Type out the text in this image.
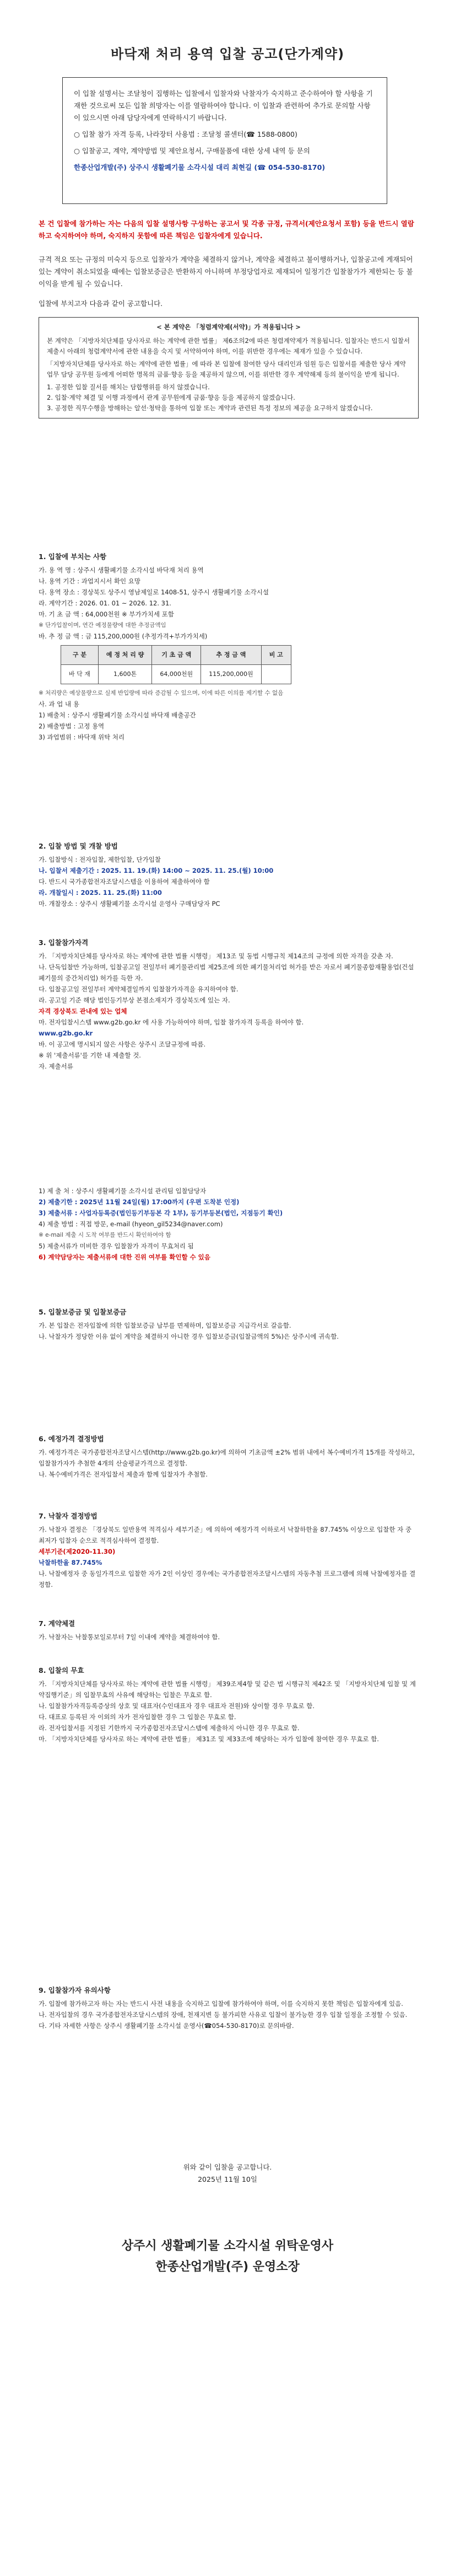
바닥재 처리 용역 입찰 공고(단가계약)

이 입찰 설명서는 조달청이 집행하는 입찰에서 입찰자와 낙찰자가 숙지하고 준수하여야 할 사항을 기재한 것으로써 모든 입찰 희망자는 이를 열람하여야 합니다. 이 입찰과 관련하여 추가로 문의할 사항이 있으시면 아래 담당자에게 연락하시기 바랍니다.

○ 입찰 참가 자격 등록, 나라장터 사용법 : 조달청 콜센터(☎ 1588-0800)

○ 입찰공고, 계약, 계약방법 및 제안요청서, 구매물품에 대한 상세 내역 등 문의

한종산업개발(주) 상주시 생활폐기물 소각시설 대리 최현길 (☎ 054-530-8170)

본 건 입찰에 참가하는 자는 다음의 입찰 설명사항 구성하는 공고서 및 각종 규정, 규격서(제안요청서 포함) 등을 반드시 열람하고 숙지하여야 하며, 숙지하지 못함에 따른 책임은 입찰자에게 있습니다.

규격 적요 또는 규정의 미숙지 등으로 입찰자가 계약을 체결하지 않거나, 계약을 체결하고 불이행하거나, 입찰공고에 게재되어 있는 계약이 취소되었을 때에는 입찰보증금은 반환하지 아니하며 부정당업자로 제재되어 일정기간 입찰참가가 제한되는 등 불이익을 받게 될 수 있습니다.

입찰에 부치고자 다음과 같이 공고합니다.

< 본 계약은 「청렴계약제(서약)」가 적용됩니다 >
본 계약은 「지방자치단체를 당사자로 하는 계약에 관한 법률」 제6조의2에 따른 청렴계약제가 적용됩니다. 입찰자는 반드시 입찰서 제출시 아래의 청렴계약서에 관한 내용을 숙지 및 서약하여야 하며, 이를 위반한 경우에는 제재가 있을 수 있습니다.
「지방자치단체를 당사자로 하는 계약에 관한 법률」에 따라 본 입찰에 참여한 당사 대리인과 임원 등은 입찰서를 제출한 당사 계약업무 담당 공무원 등에게 어떠한 명목의 금품·향응 등을 제공하지 않으며, 이를 위반한 경우 계약해제 등의 불이익을 받게 됩니다.
1. 공정한 입찰 질서를 해치는 담합행위를 하지 않겠습니다.
2. 입찰·계약 체결 및 이행 과정에서 관계 공무원에게 금품·향응 등을 제공하지 않겠습니다.
3. 공정한 직무수행을 방해하는 알선·청탁을 통하여 입찰 또는 계약과 관련된 특정 정보의 제공을 요구하지 않겠습니다.

1. 입찰에 부치는 사항

가. 용 역 명 : 상주시 생활폐기물 소각시설 바닥재 처리 용역

나. 용역 기간 : 과업지시서 확인 요망

다. 용역 장소 : 경상북도 상주시 영남제일로 1408-51, 상주시 생활폐기물 소각시설

라. 계약기간 : 2026. 01. 01 ~ 2026. 12. 31.

마. 기 초 금 액 : 64,000천원 ※ 부가가치세 포함

※ 단가입찰이며, 연간 예정물량에 대한 추정금액임

바. 추 정 금 액 : 금 115,200,000원 (추정가격+부가가치세)

구 분	예 정 처 리 량	기 초 금 액	추 정 금 액	비 고
바 닥 재	1,600톤	64,000천원	115,200,000원	

※ 처리량은 예상물량으로 실제 반입량에 따라 증감될 수 있으며, 이에 따른 이의를 제기할 수 없음

사. 과 업 내 용

1) 배출처 : 상주시 생활폐기물 소각시설 바닥재 배출공간

2) 배출방법 : 고정 용역

3) 과업범위 : 바닥재 위탁 처리

2. 입찰 방법 및 개찰 방법

가. 입찰방식 : 전자입찰, 제한입찰, 단가입찰

나. 입찰서 제출기간 : 2025. 11. 19.(화) 14:00 ~ 2025. 11. 25.(월) 10:00

다. 반드시 국가종합전자조달시스템을 이용하여 제출하여야 함

라. 개찰일시 : 2025. 11. 25.(화) 11:00

마. 개찰장소 : 상주시 생활폐기물 소각시설 운영사 구매담당자 PC

3. 입찰참가자격

가. 「지방자치단체를 당사자로 하는 계약에 관한 법률 시행령」 제13조 및 동법 시행규칙 제14조의 규정에 의한 자격을 갖춘 자.

나. 단독입찰만 가능하며, 입찰공고일 전일부터 폐기물관리법 제25조에 의한 폐기물처리업 허가를 받은 자로서 폐기물종합재활용업(건설폐기물의 중간처리업) 허가를 득한 자.

다. 입찰공고일 전일부터 계약체결일까지 입찰참가자격을 유지하여야 함.

라. 공고일 기준 해당 법인등기부상 본점소재지가 경상북도에 있는 자.

자격 경상북도 관내에 있는 업체

마. 전자입찰시스템 www.g2b.go.kr 에 사용 가능하여야 하며, 입찰 참가자격 등록을 하여야 함.

www.g2b.go.kr

바. 이 공고에 명시되지 않은 사항은 상주시 조달규정에 따름.

※ 위 '제출서류'를 기한 내 제출할 것.

자. 제출서류

1) 제 출 처 : 상주시 생활폐기물 소각시설 관리팀 입찰담당자

2) 제출기한 : 2025년 11월 24일(월) 17:00까지 (우편 도착분 인정)

3) 제출서류 : 사업자등록증(법인등기부등본 각 1부), 등기부등본(법인, 지점등기 확인)

4) 제출 방법 : 직접 방문, e-mail (hyeon_gil5234@naver.com)

※ e-mail 제출 시 도착 여부를 반드시 확인하여야 함

5) 제출서류가 미비한 경우 입찰참가 자격이 무효처리 됨

6) 계약담당자는 제출서류에 대한 진위 여부를 확인할 수 있음

5. 입찰보증금 및 입찰보증금

가. 본 입찰은 전자입찰에 의한 입찰보증금 납부를 면제하며, 입찰보증금 지급각서로 갈음함.

나. 낙찰자가 정당한 이유 없이 계약을 체결하지 아니한 경우 입찰보증금(입찰금액의 5%)은 상주시에 귀속함.

6. 예정가격 결정방법

가. 예정가격은 국가종합전자조달시스템(http://www.g2b.go.kr)에 의하여 기초금액 ±2% 범위 내에서 복수예비가격 15개를 작성하고, 입찰참가자가 추첨한 4개의 산술평균가격으로 결정함.

나. 복수예비가격은 전자입찰서 제출과 함께 입찰자가 추첨함.

7. 낙찰자 결정방법

가. 낙찰자 결정은 「경상북도 일반용역 적격심사 세부기준」에 의하여 예정가격 이하로서 낙찰하한율 87.745% 이상으로 입찰한 자 중 최저가 입찰자 순으로 적격심사하여 결정함.

세부기준(제2020-11.30)

낙찰하한율 87.745%

나. 낙찰예정자 중 동일가격으로 입찰한 자가 2인 이상인 경우에는 국가종합전자조달시스템의 자동추첨 프로그램에 의해 낙찰예정자를 결정함.

7. 계약체결

가. 낙찰자는 낙찰통보일로부터 7일 이내에 계약을 체결하여야 함.

8. 입찰의 무효

가. 「지방자치단체를 당사자로 하는 계약에 관한 법률 시행령」 제39조제4항 및 같은 법 시행규칙 제42조 및 「지방자치단체 입찰 및 계약집행기준」의 입찰무효의 사유에 해당하는 입찰은 무효로 함.

나. 입찰참가자격등록증상의 상호 및 대표자(수인대표자 경우 대표자 전원)와 상이할 경우 무효로 함.

다. 대표로 등록된 자 이외의 자가 전자입찰한 경우 그 입찰은 무효로 함.

라. 전자입찰서를 지정된 기한까지 국가종합전자조달시스템에 제출하지 아니한 경우 무효로 함.

마. 「지방자치단체를 당사자로 하는 계약에 관한 법률」 제31조 및 제33조에 해당하는 자가 입찰에 참여한 경우 무효로 함.

9. 입찰참가자 유의사항

가. 입찰에 참가하고자 하는 자는 반드시 사전 내용을 숙지하고 입찰에 참가하여야 하며, 이를 숙지하지 못한 책임은 입찰자에게 있음.

나. 전자입찰의 경우 국가종합전자조달시스템의 장애, 천재지변 등 불가피한 사유로 입찰이 불가능한 경우 입찰 일정을 조정할 수 있음.

다. 기타 자세한 사항은 상주시 생활폐기물 소각시설 운영사(☎054-530-8170)로 문의바람.

위와 같이 입찰을 공고합니다.
2025년 11월 10일
상주시 생활폐기물 소각시설 위탁운영사
한종산업개발(주) 운영소장
